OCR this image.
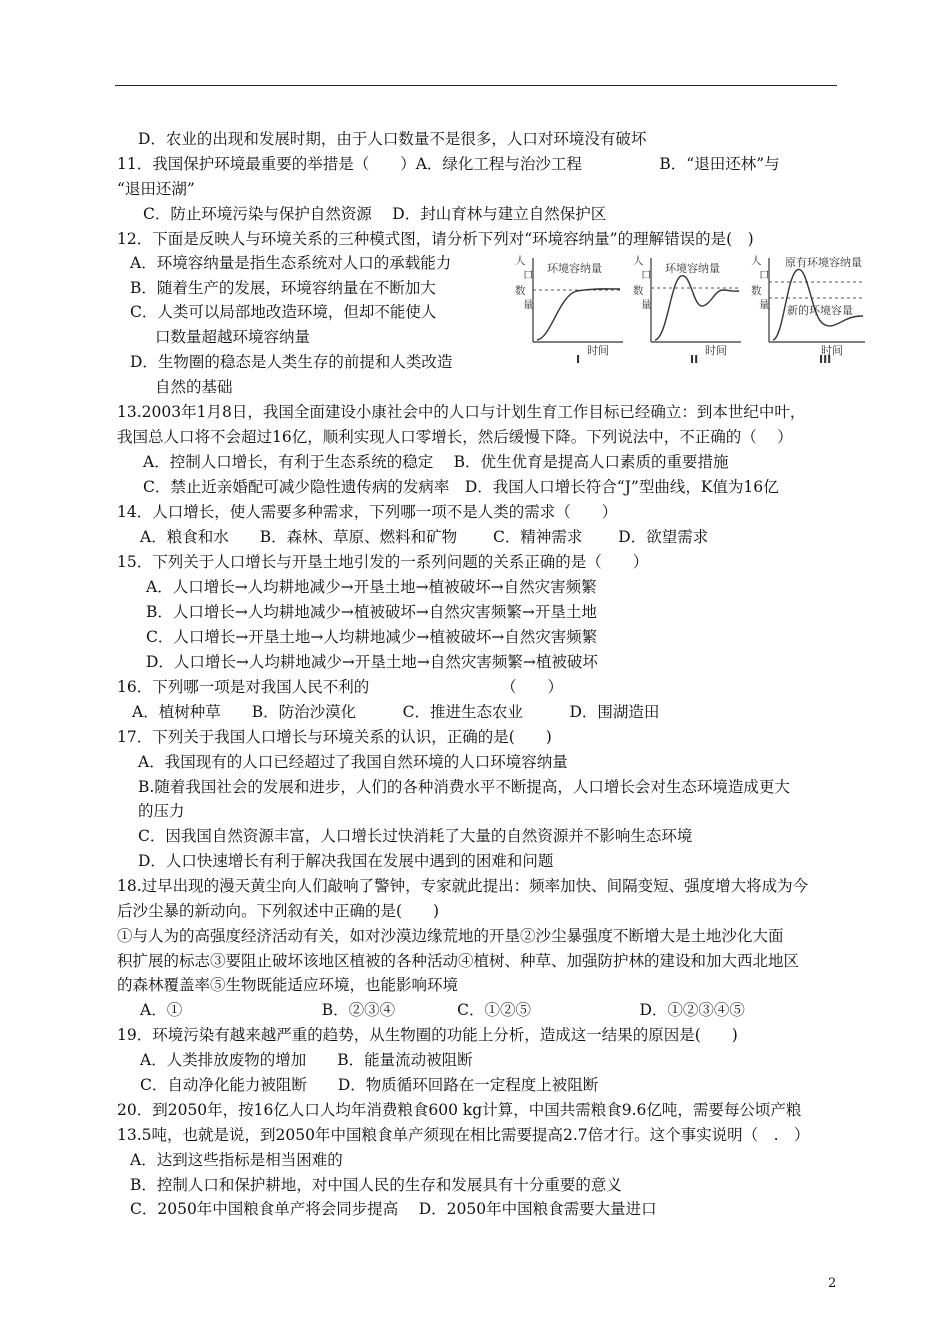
D．农业的出现和发展时期，由于人口数量不是很多，人口对环境没有破坏
11．我国保护环境最重要的举措是（　　）A．绿化工程与治沙工程　　　　　B．“退田还林”与
“退田还湖”
C．防止环境污染与保护自然资源　 D．封山育林与建立自然保护区
12．下面是反映人与环境关系的三种模式图，请分析下列对“环境容纳量”的理解错误的是(　)
A．环境容纳量是指生态系统对人口的承载能力
B．随着生产的发展，环境容纳量在不断加大
C．人类可以局部地改造环境，但却不能使人
口数量超越环境容纳量
D．生物圈的稳态是人类生存的前提和人类改造
自然的基础
13.2003年1月8日，我国全面建设小康社会中的人口与计划生育工作目标已经确立：到本世纪中叶，
我国总人口将不会超过16亿，顺利实现人口零增长，然后缓慢下降。下列说法中，不正确的（　 ）
A．控制人口增长，有利于生态系统的稳定　 B．优生优育是提高人口素质的重要措施
C．禁止近亲婚配可减少隐性遗传病的发病率　D．我国人口增长符合“J”型曲线，K值为16亿
14．人口增长，使人需要多种需求，下列哪一项不是人类的需求（　　）
A．粮食和水　　B．森林、草原、燃料和矿物　　 C．精神需求　　 D．欲望需求
15．下列关于人口增长与开垦土地引发的一系列问题的关系正确的是（　　）
A．人口增长→人均耕地减少→开垦土地→植被破坏→自然灾害频繁
B．人口增长→人均耕地减少→植被破坏→自然灾害频繁→开垦土地
C．人口增长→开垦土地→人均耕地减少→植被破坏→自然灾害频繁
D．人口增长→人均耕地减少→开垦土地→自然灾害频繁→植被破坏
16．下列哪一项是对我国人民不利的　　　　　　　　　（　　）
A．植树种草　　B．防治沙漠化　　　C．推进生态农业　　　D．围湖造田
17．下列关于我国人口增长与环境关系的认识，正确的是(　　)
A．我国现有的人口已经超过了我国自然环境的人口环境容纳量
B.随着我国社会的发展和进步，人们的各种消费水平不断提高，人口增长会对生态环境造成更大
的压力
C．因我国自然资源丰富，人口增长过快消耗了大量的自然资源并不影响生态环境
D．人口快速增长有利于解决我国在发展中遇到的困难和问题
18.过早出现的漫天黄尘向人们敲响了警钟，专家就此提出：频率加快、间隔变短、强度增大将成为今
后沙尘暴的新动向。下列叙述中正确的是(　　)
①与人为的高强度经济活动有关，如对沙漠边缘荒地的开垦②沙尘暴强度不断增大是土地沙化大面
积扩展的标志③要阻止破坏该地区植被的各种活动④植树、种草、加强防护林的建设和加大西北地区
的森林覆盖率⑤生物既能适应环境，也能影响环境
A．①　　　　　　　　　B．②③④　　　　C．①②⑤　　　　　　　D．①②③④⑤
19．环境污染有越来越严重的趋势，从生物圈的功能上分析，造成这一结果的原因是(　　)
A．人类排放废物的增加　　B．能量流动被阻断
C．自动净化能力被阻断　　D．物质循环回路在一定程度上被阻断
20．到2050年，按16亿人口人均年消费粮食600 kg计算，中国共需粮食9.6亿吨，需要每公顷产粮
13.5吨，也就是说，到2050年中国粮食单产须现在相比需要提高2.7倍才行。这个事实说明（　.　）
A．达到这些指标是相当困难的
B．控制人口和保护耕地，对中国人民的生存和发展具有十分重要的意义
C．2050年中国粮食单产将会同步提高　 D．2050年中国粮食需要大量进口
环境容纳量
人
口
数
量
时间
I
环境容纳量
人
口
数
量
时间
II
原有环境容纳量
新的环境容量
人
口
数
量
时间
III
2
